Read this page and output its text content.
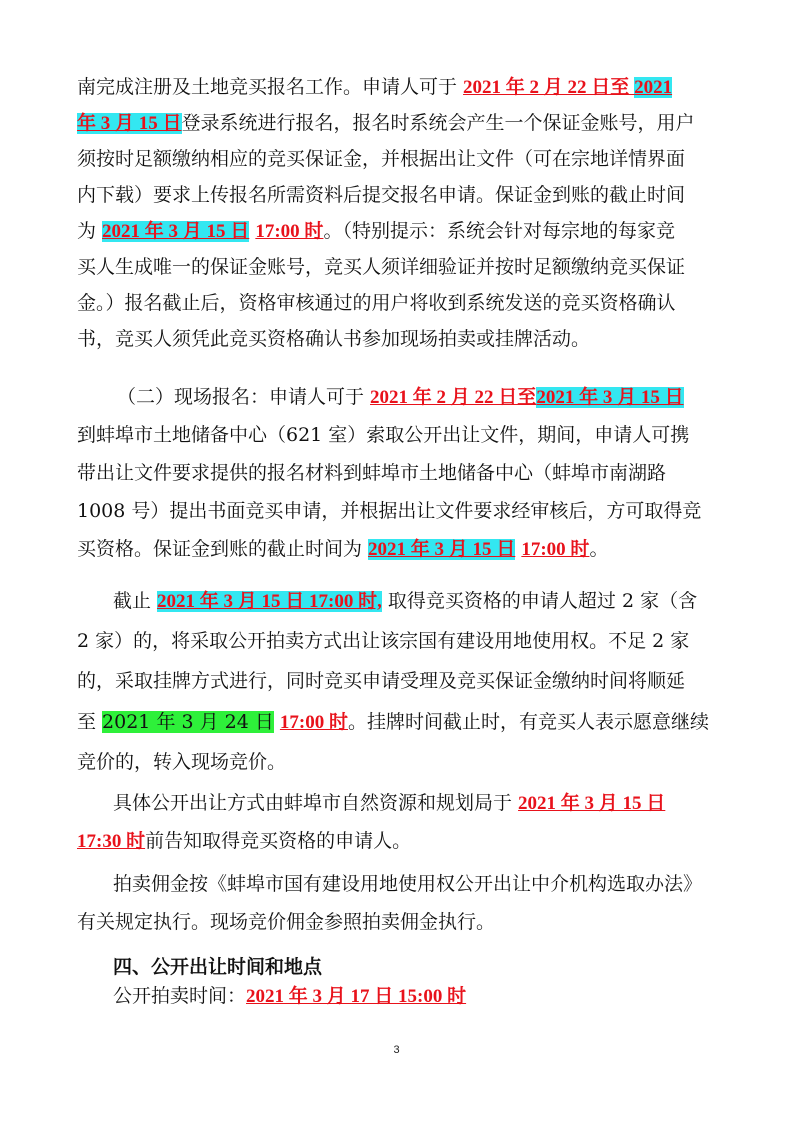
南完成注册及土地竞买报名工作。申请人可于 2021 年 2 月 22 日至 2021
年 3 月 15 日登录系统进行报名，报名时系统会产生一个保证金账号，用户
须按时足额缴纳相应的竞买保证金，并根据出让文件（可在宗地详情界面
内下载）要求上传报名所需资料后提交报名申请。保证金到账的截止时间
为 2021 年 3 月 15 日 17:00 时。（特别提示：系统会针对每宗地的每家竞
买人生成唯一的保证金账号，竞买人须详细验证并按时足额缴纳竞买保证
金。）报名截止后，资格审核通过的用户将收到系统发送的竞买资格确认
书，竞买人须凭此竞买资格确认书参加现场拍卖或挂牌活动。
（二）现场报名：申请人可于 2021 年 2 月 22 日至2021 年 3 月 15 日
到蚌埠市土地储备中心（621 室）索取公开出让文件，期间，申请人可携
带出让文件要求提供的报名材料到蚌埠市土地储备中心（蚌埠市南湖路
1008 号）提出书面竞买申请，并根据出让文件要求经审核后，方可取得竞
买资格。保证金到账的截止时间为 2021 年 3 月 15 日 17:00 时。
截止 2021 年 3 月 15 日 17:00 时, 取得竞买资格的申请人超过 2 家（含
2 家）的，将采取公开拍卖方式出让该宗国有建设用地使用权。不足 2 家
的，采取挂牌方式进行，同时竞买申请受理及竞买保证金缴纳时间将顺延
至 2021 年 3 月 24 日 17:00 时。挂牌时间截止时，有竞买人表示愿意继续
竞价的，转入现场竞价。
具体公开出让方式由蚌埠市自然资源和规划局于 2021 年 3 月 15 日
17:30 时前告知取得竞买资格的申请人。
拍卖佣金按《蚌埠市国有建设用地使用权公开出让中介机构选取办法》
有关规定执行。现场竞价佣金参照拍卖佣金执行。
四、公开出让时间和地点
公开拍卖时间：2021 年 3 月 17 日 15:00 时
3
